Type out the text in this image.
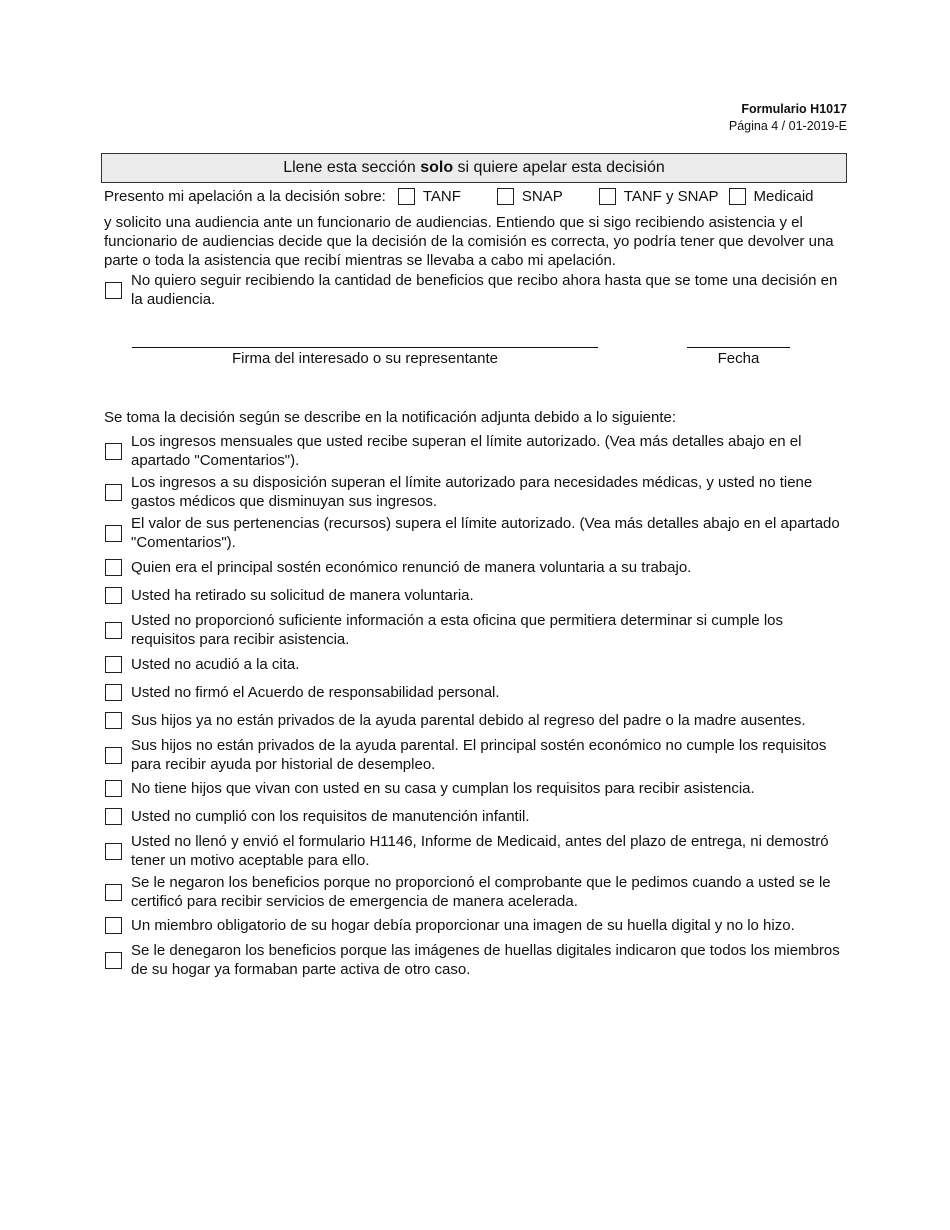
Formulario H1017
Página 4 / 01-2019-E
Llene esta sección solo si quiere apelar esta decisión
Presento mi apelación a la decisión sobre: TANF	SNAP	TANF y SNAP Medicaid
y solicito una audiencia ante un funcionario de audiencias. Entiendo que si sigo recibiendo asistencia y el funcionario de audiencias decide que la decisión de la comisión es correcta, yo podría tener que devolver una parte o toda la asistencia que recibí mientras se llevaba a cabo mi apelación.
No quiero seguir recibiendo la cantidad de beneficios que recibo ahora hasta que se tome una decisión en la audiencia.
Firma del interesado o su representante	Fecha
Se toma la decisión según se describe en la notificación adjunta debido a lo siguiente:
Los ingresos mensuales que usted recibe superan el límite autorizado. (Vea más detalles abajo en el apartado "Comentarios").
Los ingresos a su disposición superan el límite autorizado para necesidades médicas, y usted no tiene gastos médicos que disminuyan sus ingresos.
El valor de sus pertenencias (recursos) supera el límite autorizado. (Vea más detalles abajo en el apartado "Comentarios").
Quien era el principal sostén económico renunció de manera voluntaria a su trabajo.
Usted ha retirado su solicitud de manera voluntaria.
Usted no proporcionó suficiente información a esta oficina que permitiera determinar si cumple los requisitos para recibir asistencia.
Usted no acudió a la cita.
Usted no firmó el Acuerdo de responsabilidad personal.
Sus hijos ya no están privados de la ayuda parental debido al regreso del padre o la madre ausentes.
Sus hijos no están privados de la ayuda parental. El principal sostén económico no cumple los requisitos para recibir ayuda por historial de desempleo.
No tiene hijos que vivan con usted en su casa y cumplan los requisitos para recibir asistencia.
Usted no cumplió con los requisitos de manutención infantil.
Usted no llenó y envió el formulario H1146, Informe de Medicaid, antes del plazo de entrega, ni demostró tener un motivo aceptable para ello.
Se le negaron los beneficios porque no proporcionó el comprobante que le pedimos cuando a usted se le certificó para recibir servicios de emergencia de manera acelerada.
Un miembro obligatorio de su hogar debía proporcionar una imagen de su huella digital y no lo hizo.
Se le denegaron los beneficios porque las imágenes de huellas digitales indicaron que todos los miembros de su hogar ya formaban parte activa de otro caso.
